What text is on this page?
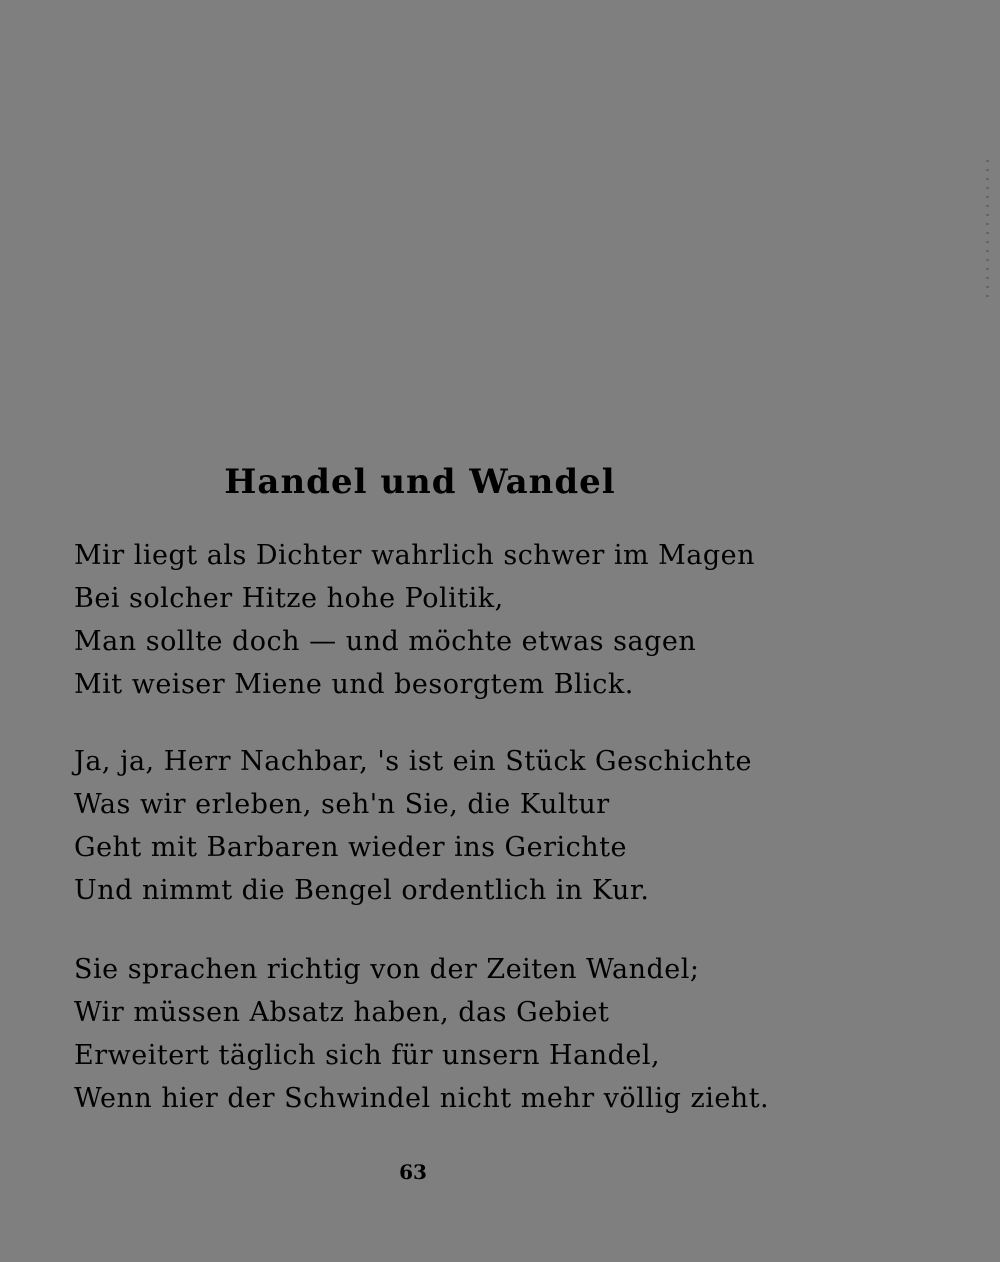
Handel und Wandel
Mir liegt als Dichter wahrlich schwer im Magen
Bei solcher Hitze hohe Politik,
Man sollte doch — und möchte etwas sagen
Mit weiser Miene und besorgtem Blick.
Ja, ja, Herr Nachbar, 's ist ein Stück Geschichte
Was wir erleben, seh'n Sie, die Kultur
Geht mit Barbaren wieder ins Gerichte
Und nimmt die Bengel ordentlich in Kur.
Sie sprachen richtig von der Zeiten Wandel;
Wir müssen Absatz haben, das Gebiet
Erweitert täglich sich für unsern Handel,
Wenn hier der Schwindel nicht mehr völlig zieht.
63
